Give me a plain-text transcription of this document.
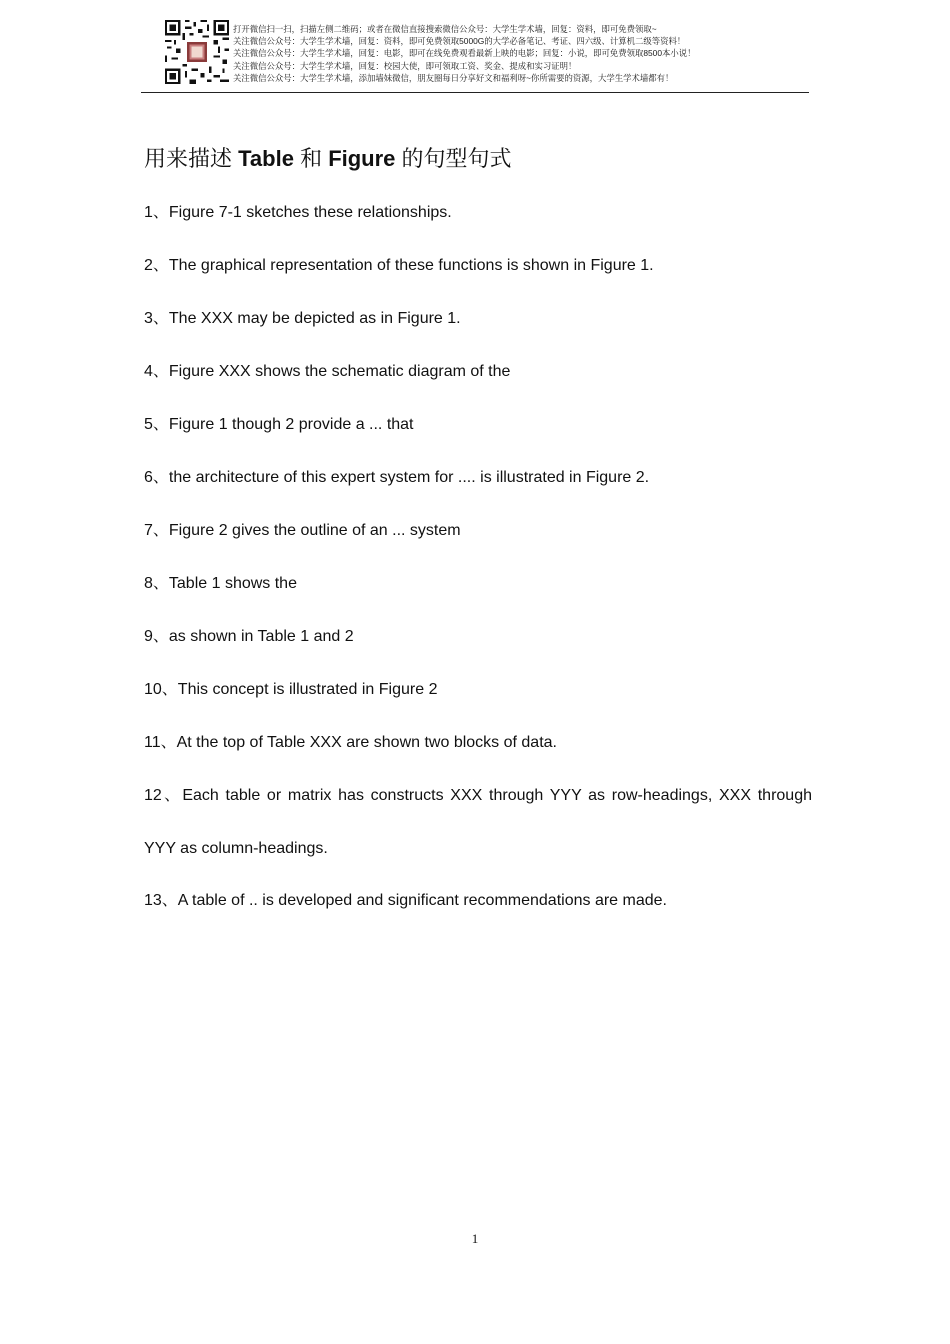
打开微信扫一扫，扫描左侧二维码；或者在微信直接搜索微信公众号：大学生学术墙，回复：资料，即可免费领取~
关注微信公众号：大学生学术墙，回复：资料，即可免费领取5000G的大学必备笔记、考证、四六级、计算机二级等资料！
关注微信公众号：大学生学术墙，回复：电影，即可在线免费观看最新上映的电影；回复：小说，即可免费领取8500本小说！
关注微信公众号：大学生学术墙，回复：校园大使，即可领取工资、奖金、提成和实习证明！
关注微信公众号：大学生学术墙，添加墙妹微信，朋友圈每日分享好文和福利呀~你所需要的资源，大学生学术墙都有！
用来描述 Table 和 Figure 的句型句式
1、Figure 7-1 sketches these relationships.
2、The graphical representation of these functions is shown in Figure 1.
3、The XXX may be depicted as in Figure 1.
4、Figure XXX shows the schematic diagram of the
5、Figure 1 though 2 provide a ... that
6、the architecture of this expert system for .... is illustrated in Figure 2.
7、Figure 2 gives the outline of an ... system
8、Table 1 shows the
9、as shown in Table 1 and 2
10、This concept is illustrated in Figure 2
11、At the top of Table XXX are shown two blocks of data.
12、Each table or matrix has constructs XXX through YYY as row-headings, XXX through YYY as column-headings.
13、A table of .. is developed and significant recommendations are made.
1
